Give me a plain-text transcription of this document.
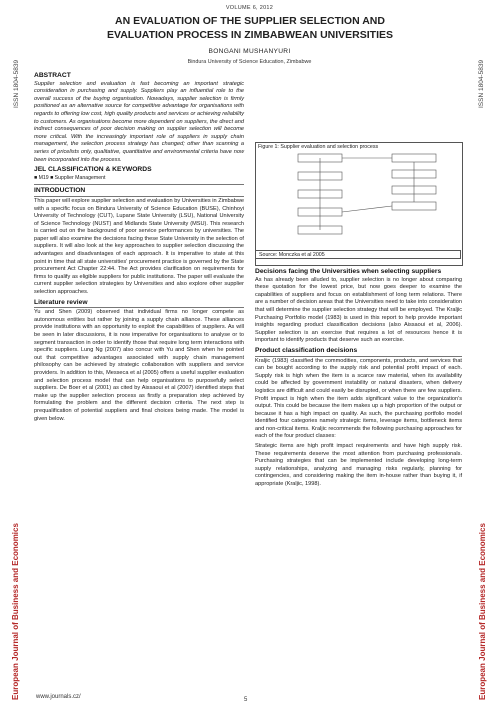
ISSN 1804-5839	ISSN 1804-5839
European Journal of Business and Economics	European Journal of Business and Economics
VOLUME 6, 2012
AN EVALUATION OF THE SUPPLIER SELECTION AND
EVALUATION PROCESS IN ZIMBABWEAN UNIVERSITIES
BONGANI MUSHANYURI
Bindura University of Science Education, Zimbabwe
ABSTRACT

Supplier selection and evaluation is fast becoming an important strategic consideration in purchasing and supply. Suppliers play an influential role to the overall success of the buying organisation. Nowadays, supplier selection is firmly positioned as an alternative source for competitive advantage for organisations with regards to offering low cost, high quality products and services or achieving reliability to customers. As organisations become more dependent on suppliers, the direct and indirect consequences of poor decision making on supplier selection will become more critical. With the increasingly important role of suppliers in supply chain management, the selection process strategy has changed; other than scanning a series of pricelists only, qualitative, quantitative and environmental criteria have now been incorporated into the process.

JEL CLASSIFICATION & KEYWORDS

■ M19 ■ Supplier Management

INTRODUCTION

This paper will explore supplier selection and evaluation by Universities in Zimbabwe with a specific focus on Bindura University of Science Education (BUSE), Chinhoyi University of Technology (CUT), Lupane State University (LSU), National University of Science Technology (NUST) and Midlands State University (MSU). This research is carried out on the background of poor service performances by universities. The paper will also examine the decisions facing these State University in the selection of suppliers. It will also look at the key approaches to supplier selection discussing the advantages and disadvantages of each approach. It is imperative to state at this point in time that all state universities' procurement practice is governed by the State procurement Act Chapter 22:44. The Act provides clarification on requirements for firms to qualify as eligible suppliers for public institutions. The paper will evaluate the current supplier selection strategies by Universities and also explore other supplier selection approaches.

Literature review

Yu and Shen (2009) observed that individual firms no longer compete as autonomous entities but rather by joining a supply chain alliance. These alliances provide institutions with an opportunity to exploit the capabilities of suppliers. As will be seen in later discussions, it is now imperative for organisations to analyse or to segment transaction in order to identify those that require long term interactions with specific suppliers. Lung Ng (2007) also concur with Yu and Shen when he pointed out that competitive advantages associated with supply chain management philosophy can be achieved by strategic collaboration with suppliers and service providers. In addition to this, Messeca et al (2005) offers a useful supplier evaluation and selection process model that can help organisations to purposefully select suppliers. De Boer et al (2001) as cited by Aissaoui et al (2007) identified steps that make up the supplier selection process as firstly a preparation step achieved by formulating the problem and the different decision criteria. The next step is prequalification of potential suppliers and final choices being made. The model is given below.

Figure 1: Supplier evaluation and selection process
Source: Monczka et al 2005
Decisions facing the Universities when selecting suppliers

As has already been alluded to, supplier selection is no longer about comparing these quotation for the lowest price, but now goes deeper to examine the capabilities of suppliers and focus on establishment of long term relations. There are a number of decision areas that the Universities need to take into consideration that will determine the supplier selection strategy that will be employed. The Kraljic Purchasing Portfolio model (1983) is used in this report to help provide important insights regarding product classification decisions (also Aissaoui et al, 2006). Supplier selection is an exercise that requires a lot of resources hence it is important to identify products that deserve such an exercise.

Product classification decisions

Kraljic (1983) classified the commodities, components, products, and services that can be bought according to the supply risk and potential profit impact of each. Supply risk is high when the item is a scarce raw material, when its availability could be affected by government instability or natural disasters, when delivery logistics are difficult and could easily be disrupted, or when there are few suppliers. Profit impact is high when the item adds significant value to the organization's output. This could be because the item makes up a high proportion of the output or because it has a high impact on quality. As such, the purchasing portfolio model identified four categories namely strategic items, leverage items, bottleneck items and non-critical items. Kraljic recommends the following purchasing approaches for each of the four product classes:

Strategic items are high profit impact requirements and have high supply risk. These requirements deserve the most attention from purchasing professionals. Purchasing strategies that can be implemented include developing long-term supply relationships, analyzing and managing risks regularly, planning for contingencies, and considering making the item in-house rather than buying it, if appropriate (Kraljic, 1998).

www.journals.cz/	5
